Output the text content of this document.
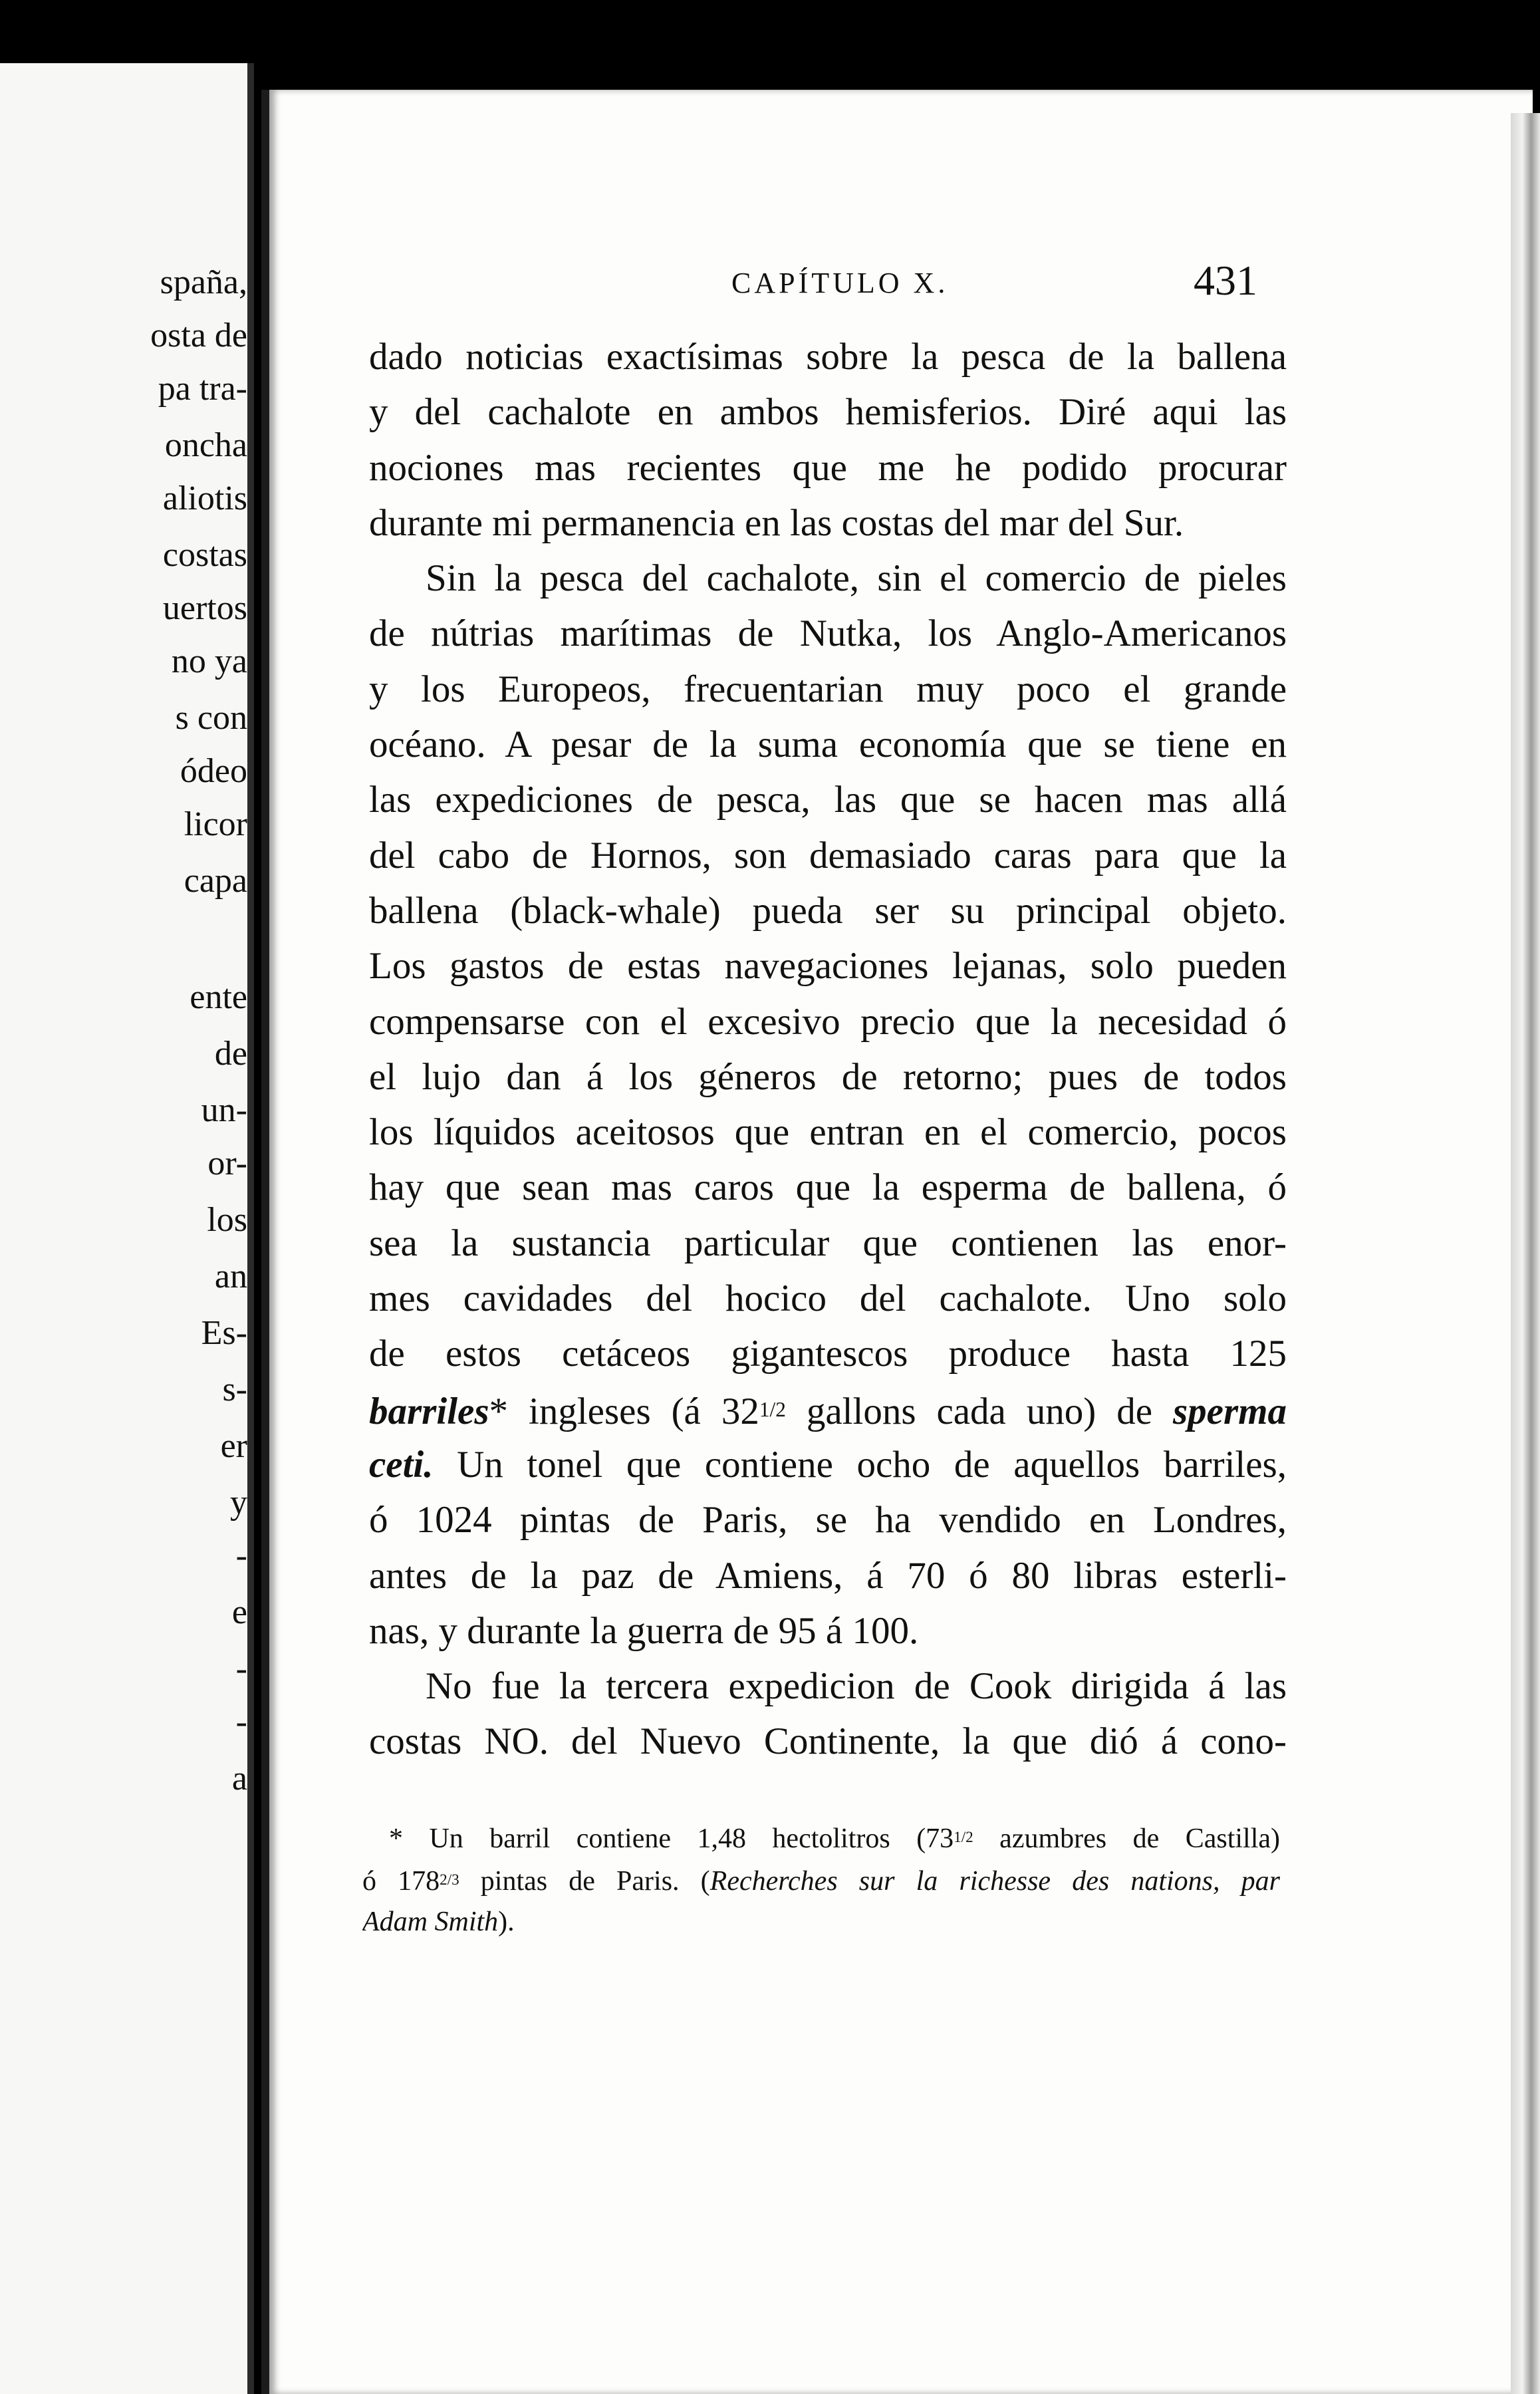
spaña,
osta de
pa tra-
oncha
aliotis
costas
uertos
no ya
s con
ódeo
licor
capa
ente
de
un-
or-
los
an
Es-
s-
er
y
-
e
-
-
a
CAPÍTULO X.	431
dado noticias exactísimas sobre la pesca de la ballena
y del cachalote en ambos hemisferios. Diré aqui las
nociones mas recientes que me he podido procurar
durante mi permanencia en las costas del mar del Sur.
Sin la pesca del cachalote, sin el comercio de pieles
de nútrias marítimas de Nutka, los Anglo-Americanos
y los Europeos, frecuentarian muy poco el grande
océano. A pesar de la suma economía que se tiene en
las expediciones de pesca, las que se hacen mas allá
del cabo de Hornos, son demasiado caras para que la
ballena (black-whale) pueda ser su principal objeto.
Los gastos de estas navegaciones lejanas, solo pueden
compensarse con el excesivo precio que la necesidad ó
el lujo dan á los géneros de retorno; pues de todos
los líquidos aceitosos que entran en el comercio, pocos
hay que sean mas caros que la esperma de ballena, ó
sea la sustancia particular que contienen las enor-
mes cavidades del hocico del cachalote. Uno solo
de estos cetáceos gigantescos produce hasta 125
barriles* ingleses (á 321/2 gallons cada uno) de sperma
ceti. Un tonel que contiene ocho de aquellos barriles,
ó 1024 pintas de Paris, se ha vendido en Londres,
antes de la paz de Amiens, á 70 ó 80 libras esterli-
nas, y durante la guerra de 95 á 100.
No fue la tercera expedicion de Cook dirigida á las
costas NO. del Nuevo Continente, la que dió á cono-
* Un barril contiene 1,48 hectolitros (731/2 azumbres de Castilla)
ó 1782/3 pintas de Paris. (Recherches sur la richesse des nations, par
Adam Smith).
